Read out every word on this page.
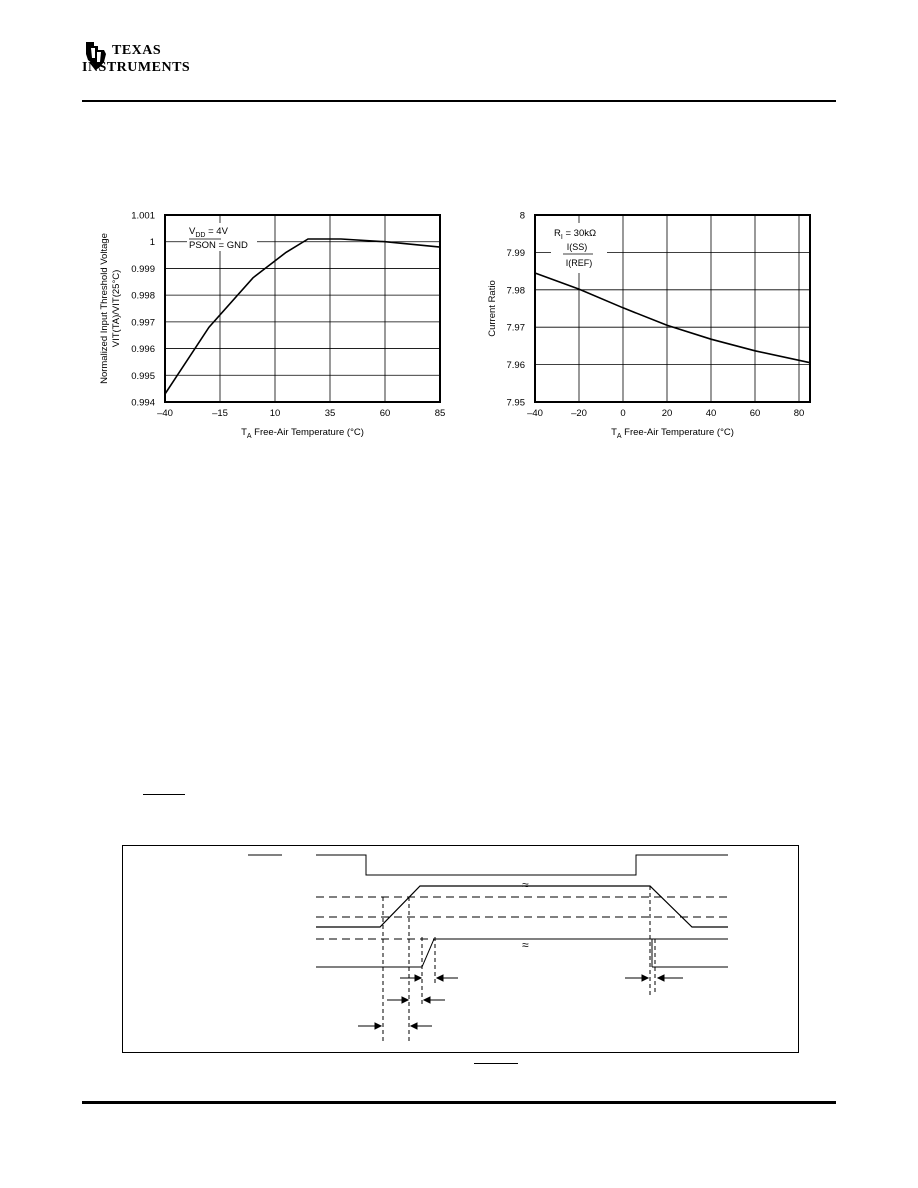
TEXAS
INSTRUMENTS
–40	–15	10	35	60	85
0.994
0.995
0.996
0.997
0.998
0.999
1
1.001
$V_{DD} = 4V$
PSON = GND
$T_A$ Free-Air Temperature (°C)
Normalized Input Threshold Voltage VIT(TA)/VIT(25°C)
–40	–20	0	20	40	60	80
7.95
7.96
7.97
7.98
7.99
8
$R_I = 30k\Omega$
I(SS)
I(REF)
$T_A$ Free-Air Temperature (°C)
Current Ratio
≈
≈
